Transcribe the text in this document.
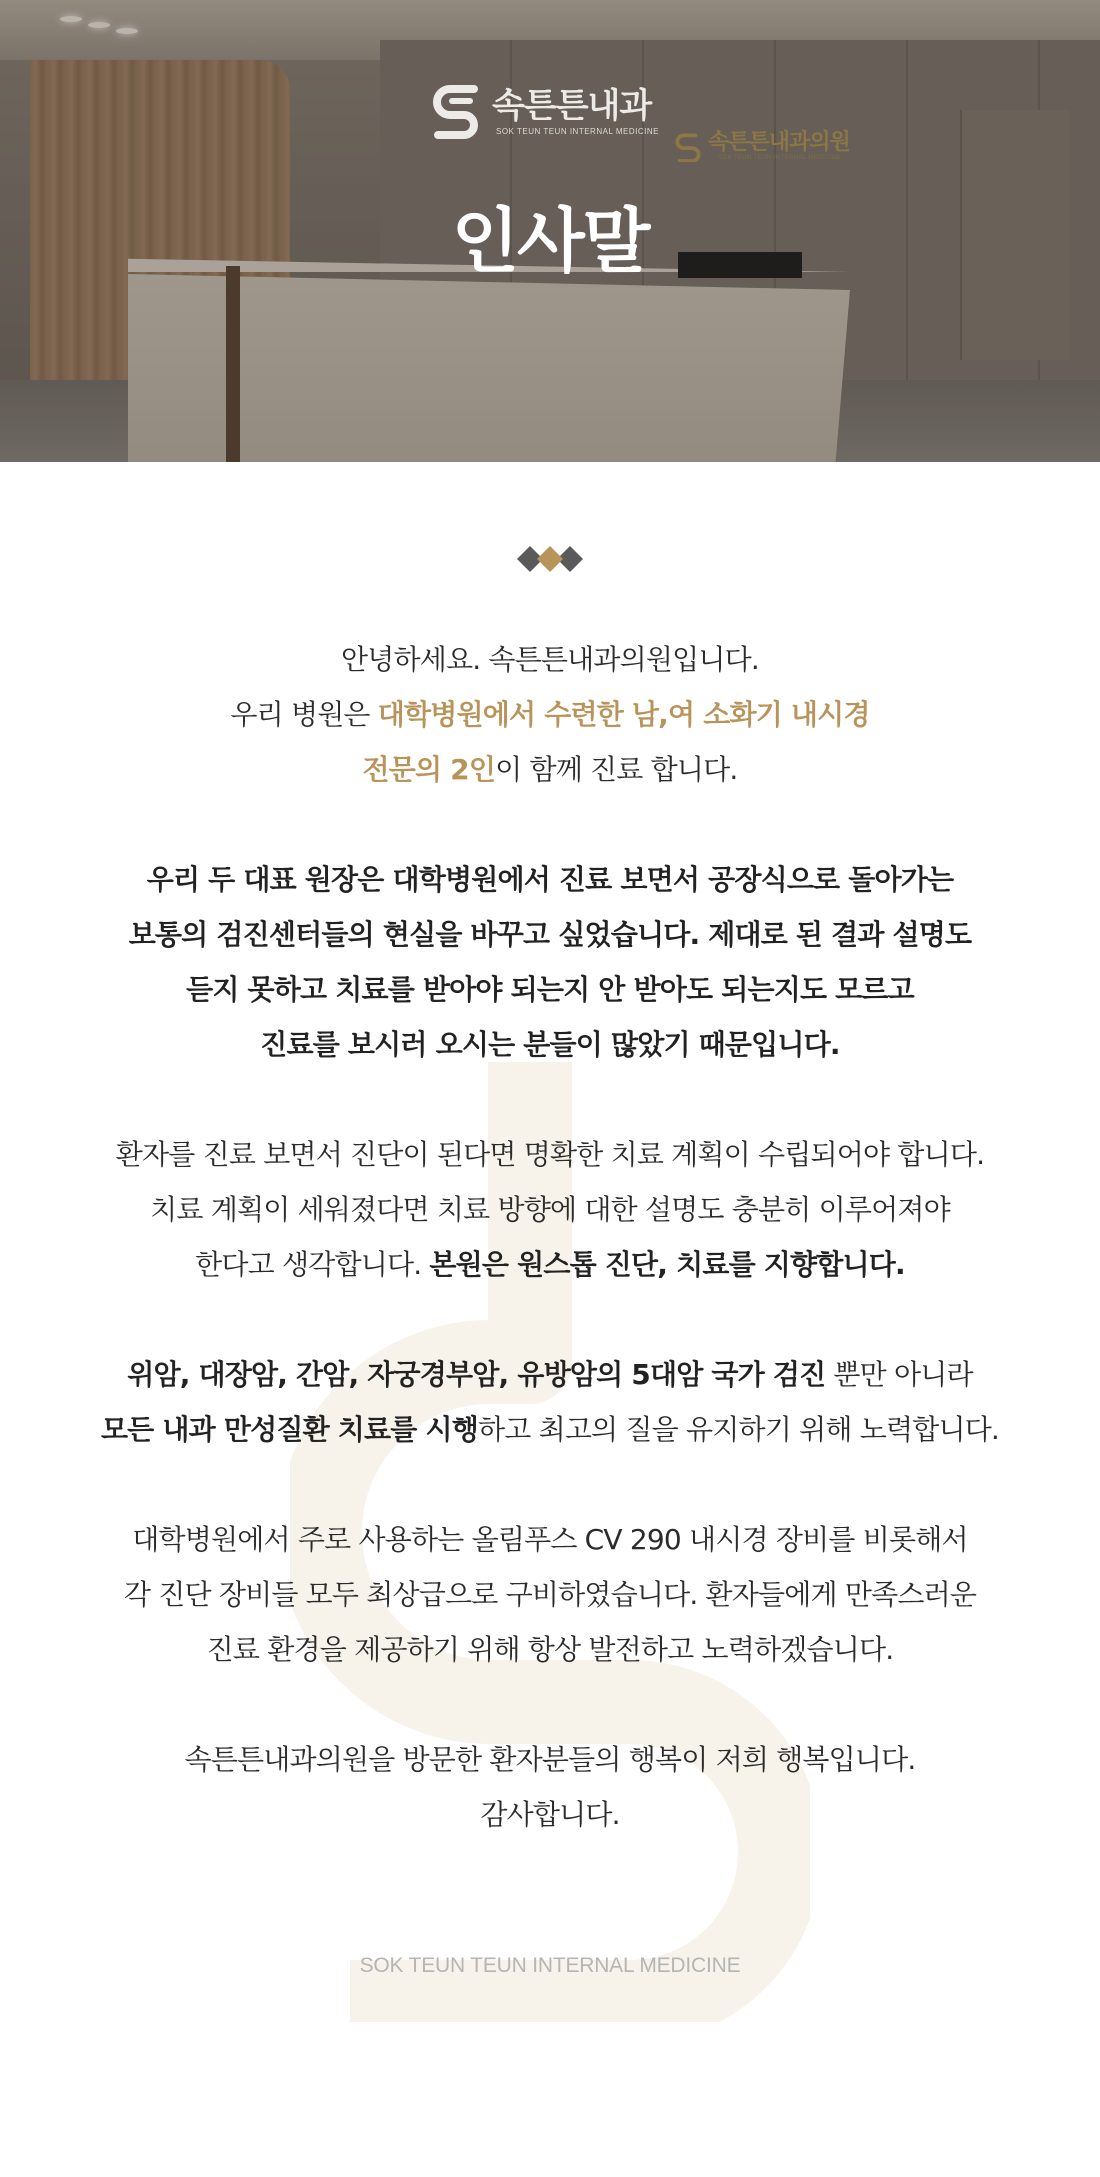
속튼튼내과의원
SOK TEUN TEUN INTERNAL MEDICINE
속튼튼내과
SOK TEUN TEUN INTERNAL MEDICINE
인사말
안녕하세요. 속튼튼내과의원입니다.
우리 병원은 대학병원에서 수련한 남,여 소화기 내시경
전문의 2인이 함께 진료 합니다.
우리 두 대표 원장은 대학병원에서 진료 보면서 공장식으로 돌아가는
보통의 검진센터들의 현실을 바꾸고 싶었습니다. 제대로 된 결과 설명도
듣지 못하고 치료를 받아야 되는지 안 받아도 되는지도 모르고
진료를 보시러 오시는 분들이 많았기 때문입니다.
환자를 진료 보면서 진단이 된다면 명확한 치료 계획이 수립되어야 합니다.
치료 계획이 세워졌다면 치료 방향에 대한 설명도 충분히 이루어져야
한다고 생각합니다. 본원은 원스톱 진단, 치료를 지향합니다.
위암, 대장암, 간암, 자궁경부암, 유방암의 5대암 국가 검진 뿐만 아니라
모든 내과 만성질환 치료를 시행하고 최고의 질을 유지하기 위해 노력합니다.
대학병원에서 주로 사용하는 올림푸스 CV 290 내시경 장비를 비롯해서
각 진단 장비들 모두 최상급으로 구비하였습니다. 환자들에게 만족스러운
진료 환경을 제공하기 위해 항상 발전하고 노력하겠습니다.
속튼튼내과의원을 방문한 환자분들의 행복이 저희 행복입니다.
감사합니다.
SOK TEUN TEUN INTERNAL MEDICINE
